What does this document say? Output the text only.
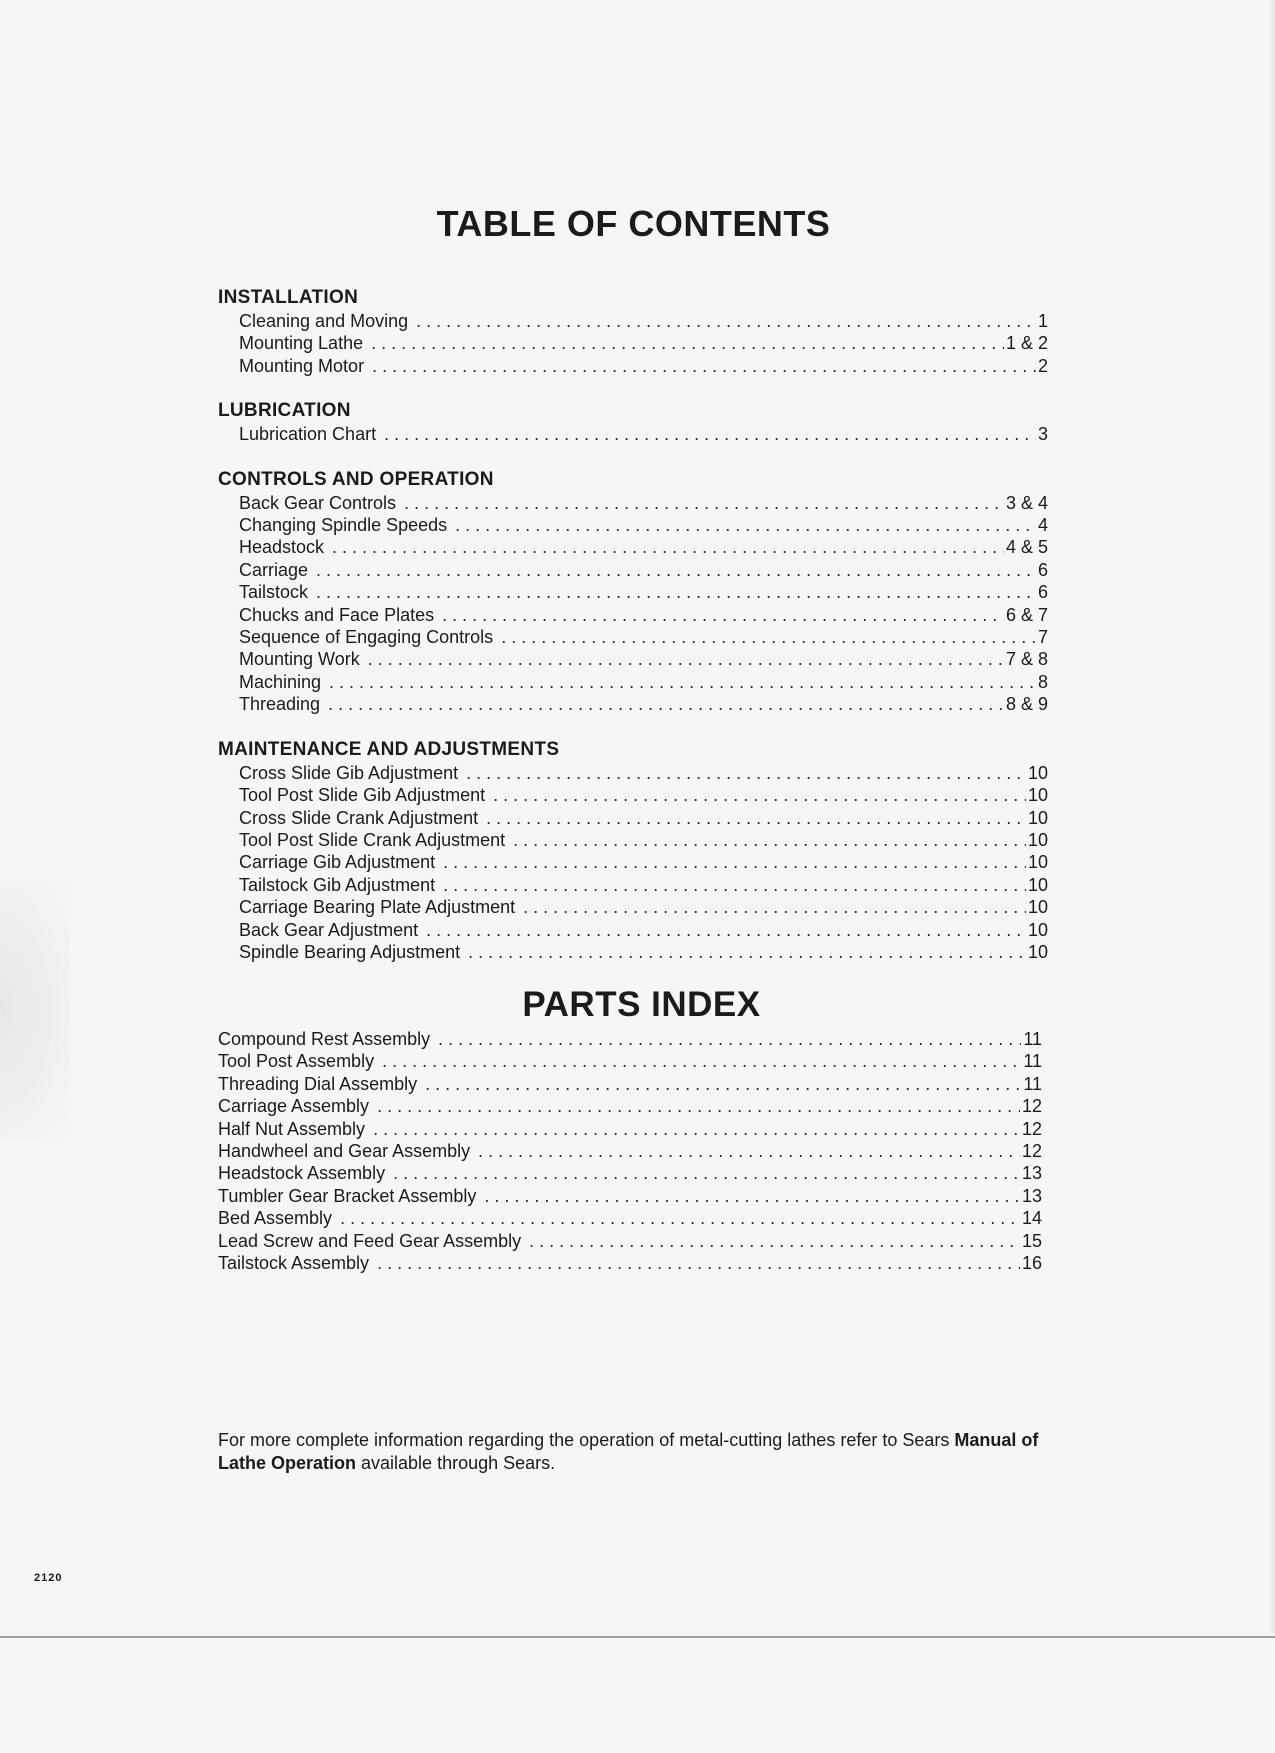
TABLE OF CONTENTS
INSTALLATION
Cleaning and Moving . . .	1
Mounting Lathe . . .	1 & 2
Mounting Motor . . .	2
LUBRICATION
Lubrication Chart . . .	3
CONTROLS AND OPERATION
Back Gear Controls . . .	3 & 4
Changing Spindle Speeds . . .	4
Headstock . . .	4 & 5
Carriage . . .	6
Tailstock . . .	6
Chucks and Face Plates . . .	6 & 7
Sequence of Engaging Controls . . .	7
Mounting Work . . .	7 & 8
Machining . . .	8
Threading . . .	8 & 9
MAINTENANCE AND ADJUSTMENTS
Cross Slide Gib Adjustment . . .	10
Tool Post Slide Gib Adjustment . . .	10
Cross Slide Crank Adjustment . . .	10
Tool Post Slide Crank Adjustment . . .	10
Carriage Gib Adjustment . . .	10
Tailstock Gib Adjustment . . .	10
Carriage Bearing Plate Adjustment . . .	10
Back Gear Adjustment . . .	10
Spindle Bearing Adjustment . . .	10
PARTS INDEX
Compound Rest Assembly . . .	11
Tool Post Assembly . . .	11
Threading Dial Assembly . . .	11
Carriage Assembly . . .	12
Half Nut Assembly . . .	12
Handwheel and Gear Assembly . . .	12
Headstock Assembly . . .	13
Tumbler Gear Bracket Assembly . . .	13
Bed Assembly . . .	14
Lead Screw and Feed Gear Assembly . . .	15
Tailstock Assembly . . .	16
For more complete information regarding the operation of metal-cutting lathes refer to Sears Manual of Lathe Operation available through Sears.
2120
